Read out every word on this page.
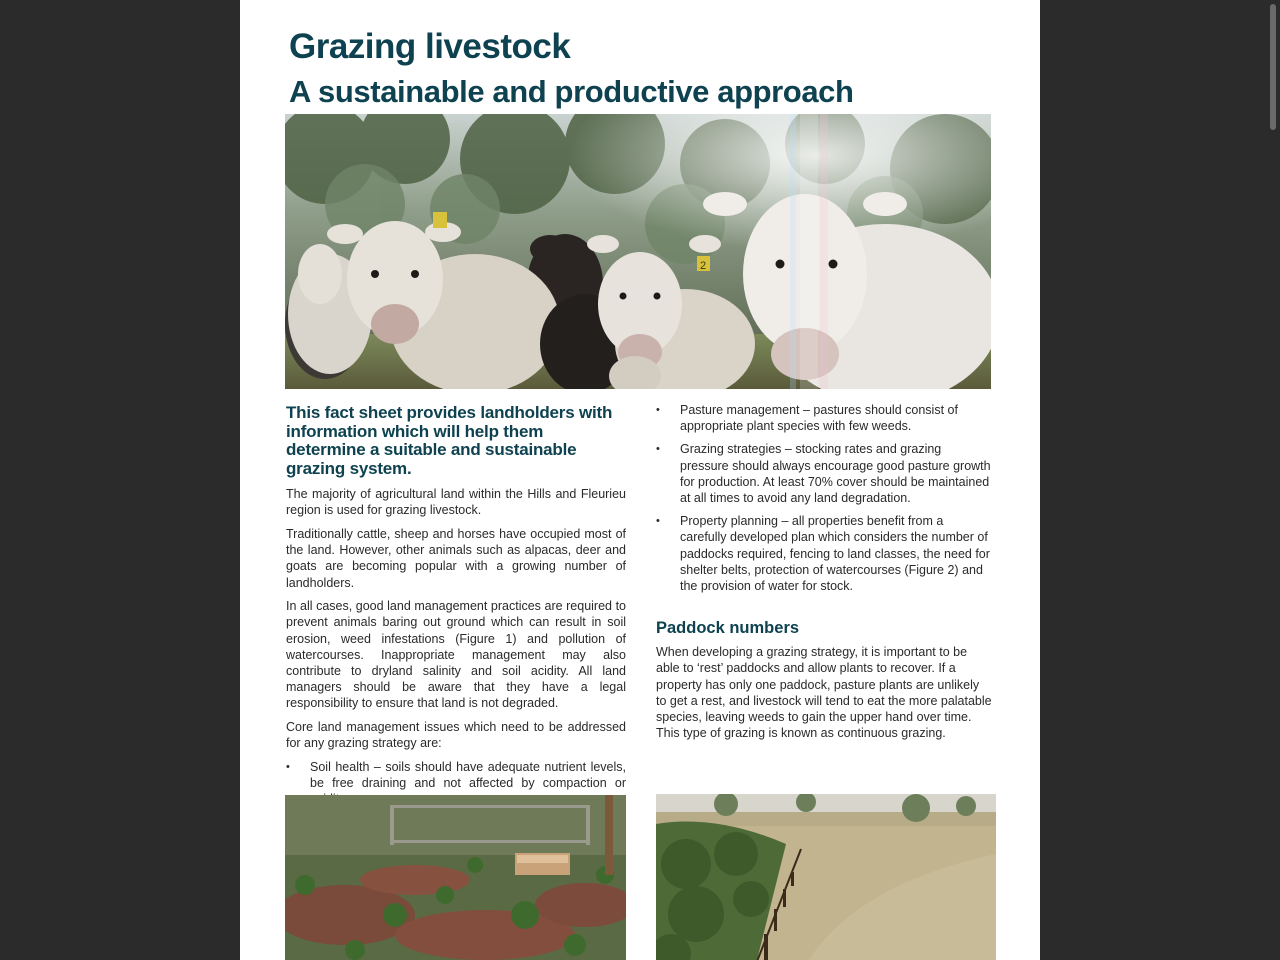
Grazing livestock
A sustainable and productive approach
2

This fact sheet provides landholders with information which will help them determine a suitable and sustainable grazing system.

The majority of agricultural land within the Hills and Fleurieu region is used for grazing livestock.

Traditionally cattle, sheep and horses have occupied most of the land. However, other animals such as alpacas, deer and goats are becoming popular with a growing number of landholders.

In all cases, good land management practices are required to prevent animals baring out ground which can result in soil erosion, weed infestations (Figure 1) and pollution of watercourses. Inappropriate management may also contribute to dryland salinity and soil acidity. All land managers should be aware that they have a legal responsibility to ensure that land is not degraded.

Core land management issues which need to be addressed for any grazing strategy are:

• Soil health – soils should have adequate nutrient levels, be free draining and not affected by compaction or
• Pasture management – pastures should consist of appropriate plant species with few weeds.
• Grazing strategies – stocking rates and grazing pressure should always encourage good pasture growth for production. At least 70% cover should be maintained at all times to avoid any land degradation.
• Property planning – all properties benefit from a carefully developed plan which considers the number of paddocks required, fencing to land classes, the need for shelter belts, protection of watercourses (Figure 2) and the provision of water for stock.
Paddock numbers

When developing a grazing strategy, it is important to be able to ‘rest’ paddocks and allow plants to recover. If a property has only one paddock, pasture plants are unlikely to get a rest, and livestock will tend to eat the more palatable species, leaving weeds to gain the upper hand over time. This type of grazing is known as continuous grazing.
